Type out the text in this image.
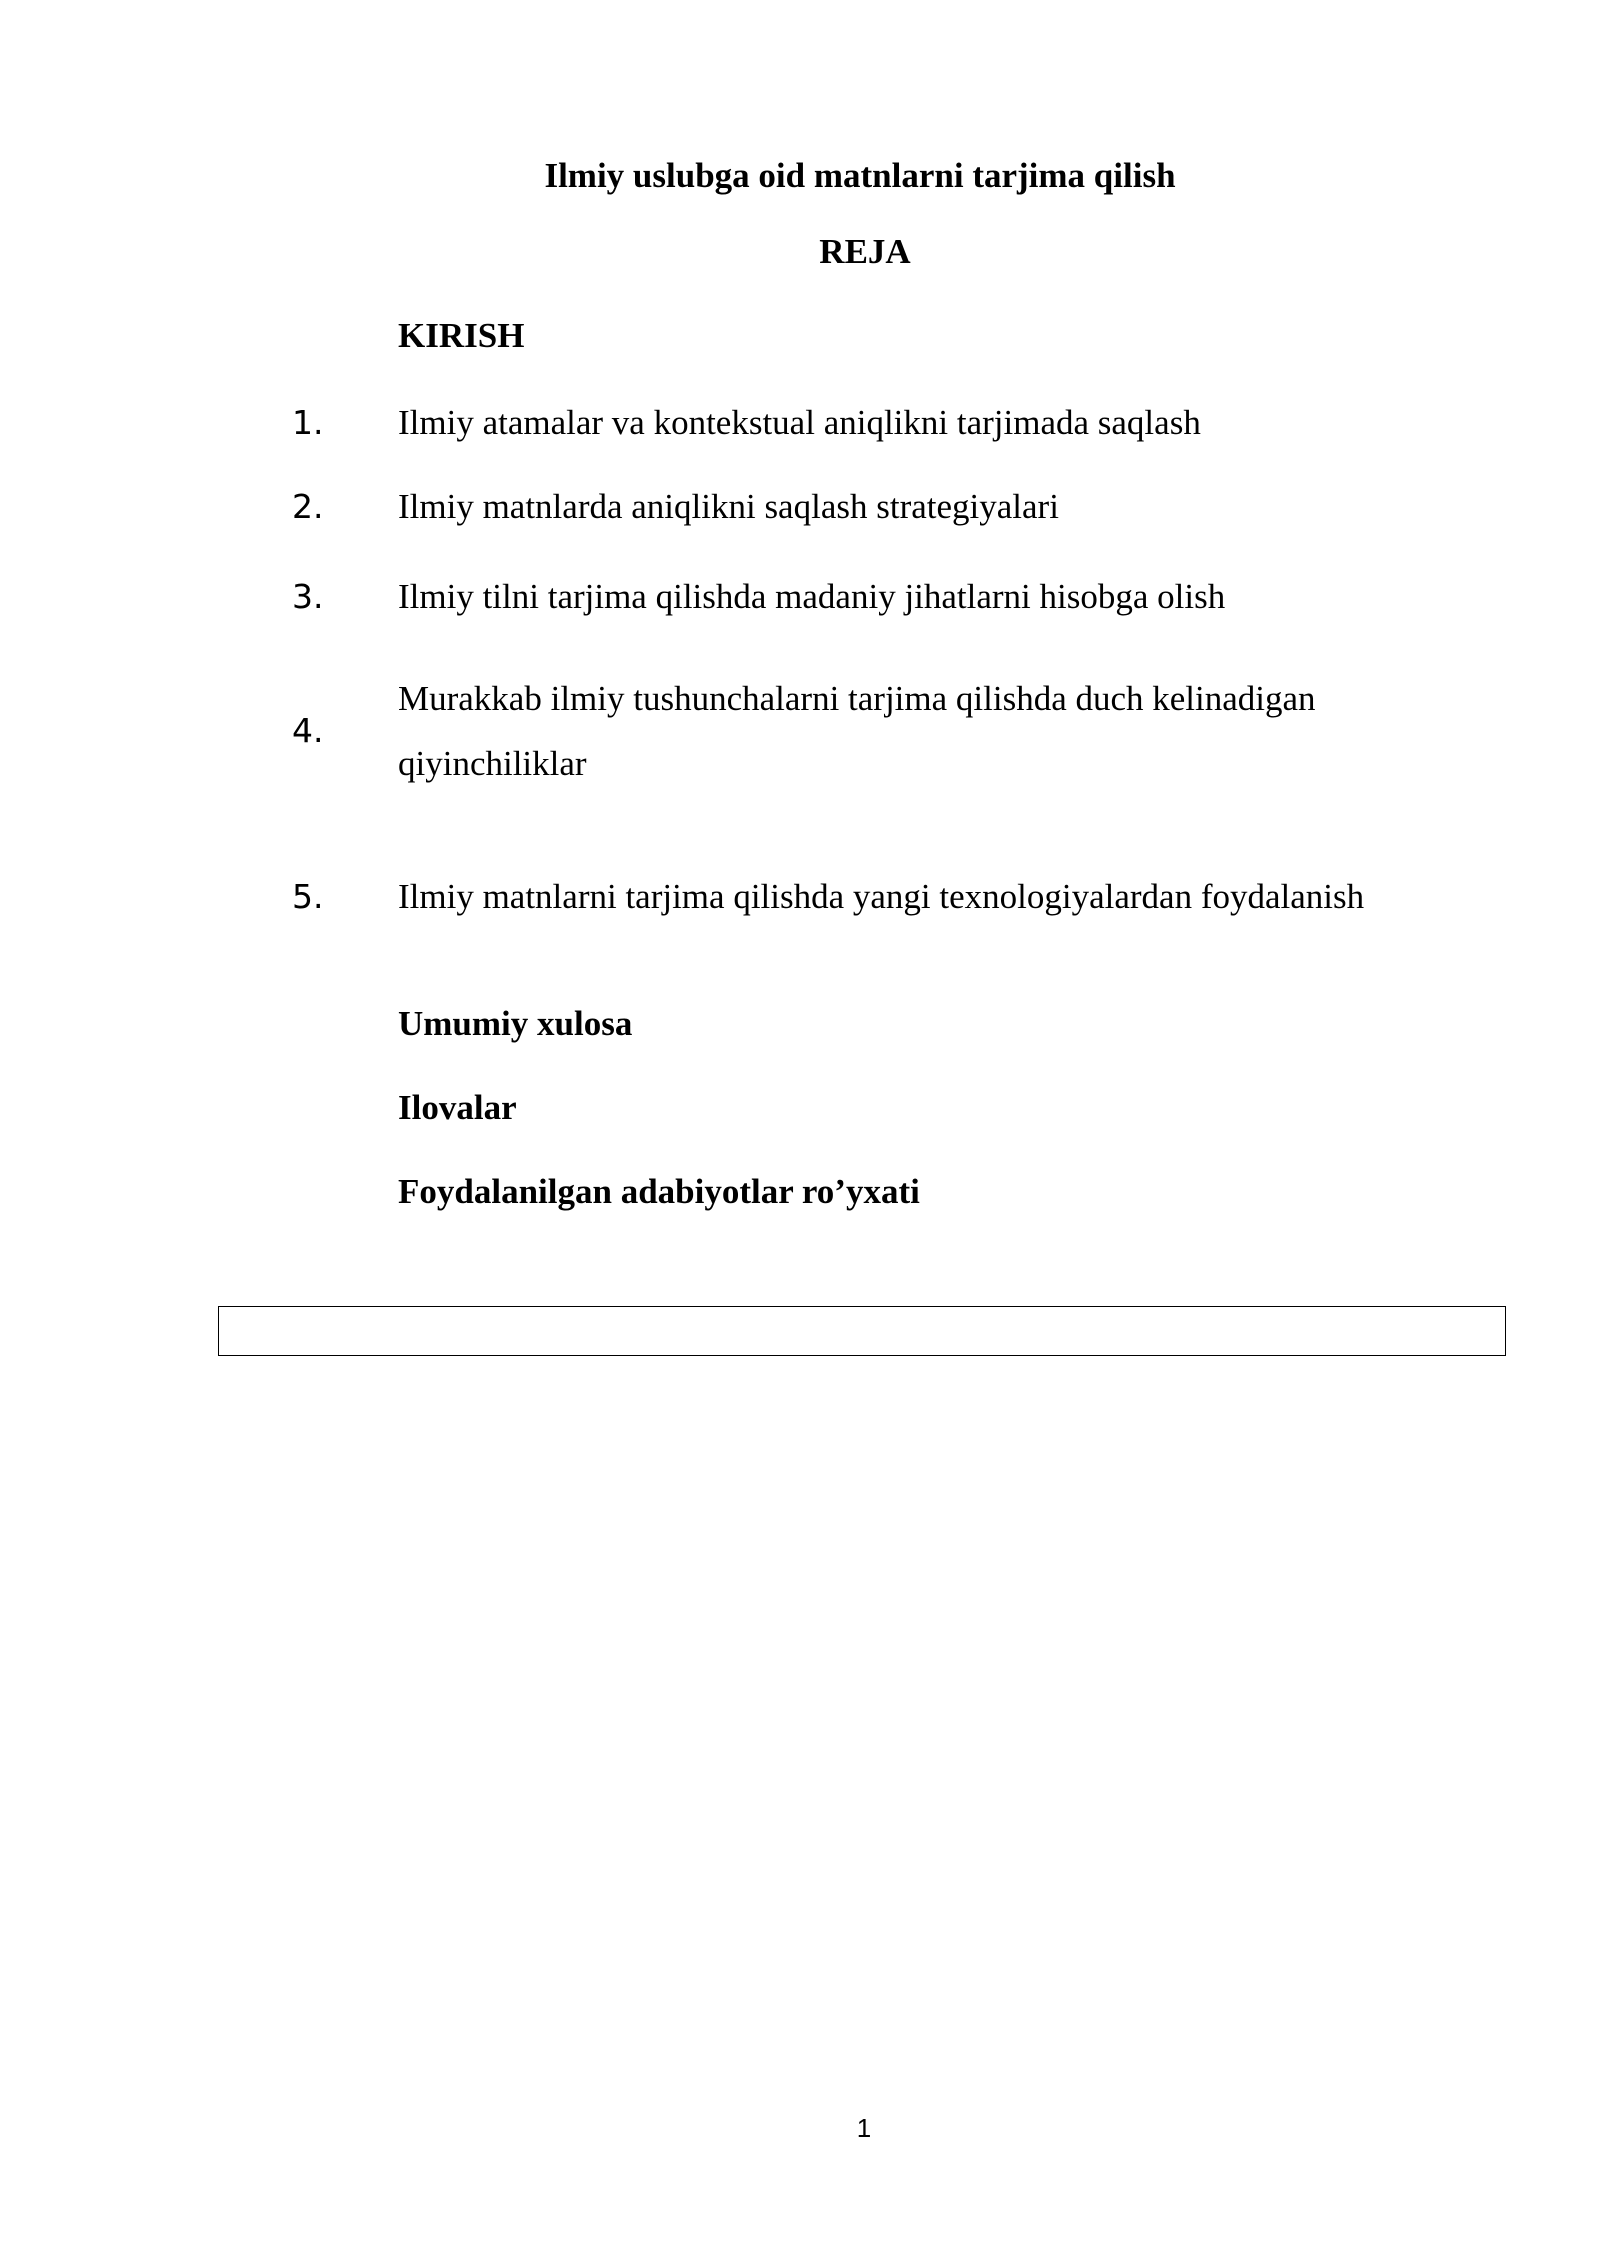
Ilmiy uslubga oid matnlarni tarjima qilish
REJA
KIRISH
1.	Ilmiy atamalar va kontekstual aniqlikni tarjimada saqlash
2.	Ilmiy matnlarda aniqlikni saqlash strategiyalari
3.	Ilmiy tilni tarjima qilishda madaniy jihatlarni hisobga olish
4.
Murakkab ilmiy tushunchalarni tarjima qilishda duch kelinadigan qiyinchiliklar
5.	Ilmiy matnlarni tarjima qilishda yangi texnologiyalardan foydalanish
Umumiy xulosa
Ilovalar
Foydalanilgan adabiyotlar ro’yxati
1
